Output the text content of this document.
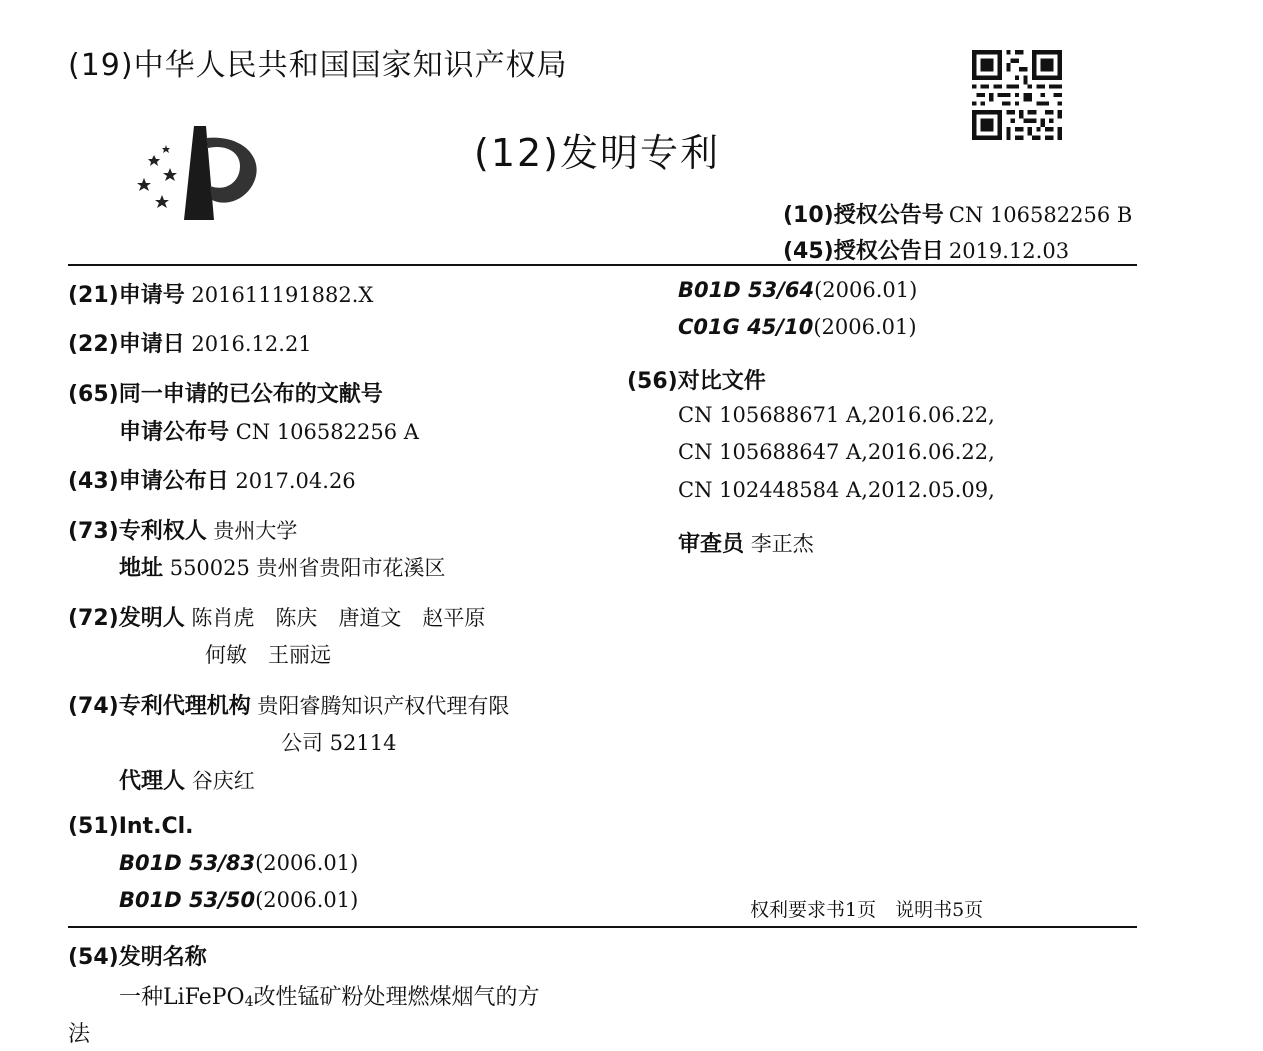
(19)中华人民共和国国家知识产权局
(12)发明专利
(10)授权公告号 CN 106582256 B
(45)授权公告日 2019.12.03
(21)申请号 201611191882.X
(22)申请日 2016.12.21
(65)同一申请的已公布的文献号
申请公布号 CN 106582256 A
(43)申请公布日 2017.04.26
(73)专利权人 贵州大学
地址 550025 贵州省贵阳市花溪区
(72)发明人 陈肖虎　陈庆　唐道文　赵平原
何敏　王丽远
(74)专利代理机构 贵阳睿腾知识产权代理有限
公司 52114
代理人 谷庆红
(51)Int.Cl.
B01D 53/83(2006.01)
B01D 53/50(2006.01)
B01D 53/64(2006.01)
C01G 45/10(2006.01)
(56)对比文件
CN 105688671 A,2016.06.22,
CN 105688647 A,2016.06.22,
CN 102448584 A,2012.05.09,
审查员 李正杰
权利要求书1页　说明书5页
(54)发明名称
一种LiFePO$_4$改性锰矿粉处理燃煤烟气的方
法
